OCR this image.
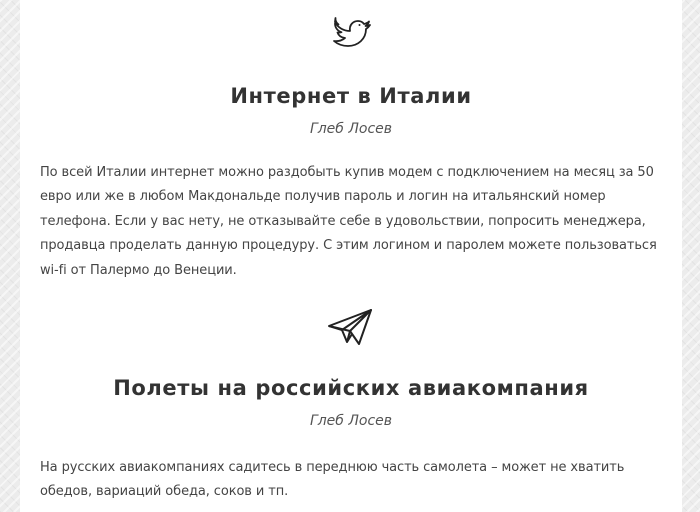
Интернет в Италии
Глеб Лосев

По всей Италии интернет можно раздобыть купив модем с подключением на месяц за 50 евро или же в любом Макдональде получив пароль и логин на итальянский номер телефона. Если у вас нету, не отказывайте себе в удовольствии, попросить менеджера, продавца проделать данную процедуру. С этим логином и паролем можете пользоваться wi-fi от Палермо до Венеции.

Полеты на российских авиакомпания
Глеб Лосев

На русских авиакомпаниях садитесь в переднюю часть самолета – может не хватить обедов, вариаций обеда, соков и тп.
